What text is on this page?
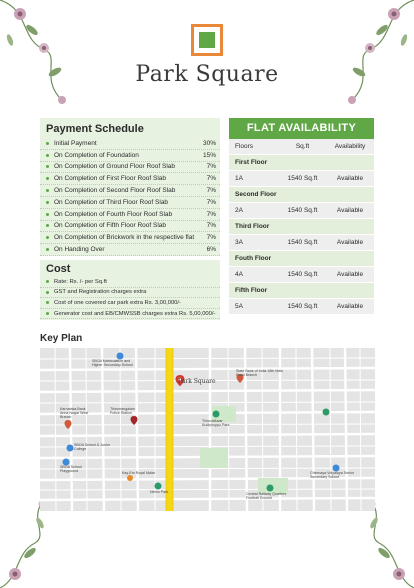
Park Square
Payment Schedule
Initial Payment	30%
On Completion of Foundation	15%
On Completion of Ground Floor Roof Slab	7%
On Completion of First Floor Roof Slab	7%
On Completion of Second Floor Roof Slab	7%
On Completion of Third Floor Roof Slab	7%
On Completion of Fourth Floor Roof Slab	7%
On Completion of Fifth Floor Roof Slab	7%
On Completion of Brickwork in the respective flat 7%
On Handing Over	6%
Cost
Rate: Rs. /- per Sq.ft
GST and Registration charges extra
Cost of one covered car park extra Rs. 3,00,000/-
Generator cost and EB/CMWSSB charges extra Rs. 5,00,000/-
FLAT AVAILABILITY
Floors	Sq.ft	Availability
First Floor
1A	1540 Sq.ft	Available
Second Floor
2A	1540 Sq.ft	Available
Third Floor
3A	1540 Sq.ft	Available
Fouth Floor
4A	1540 Sq.ft	Available
Fifth Floor
5A	1540 Sq.ft	Available
Key Plan
Park Square
SBOA Matriculation and Higher Secondary School
State Bank of India 18th Main Road Branch
Karnataka Bank Anna Nagar West Branch
Thirumangalam Police Station
Thiruvalluvar Kudiyiruppu Park
SBOA School & Junior College
SBOA School Playground
Kay-Em Royal Malar
Nehru Park
Chinmaya Vidyalaya Senior Secondary School
Central Railway Quarters Football Ground
